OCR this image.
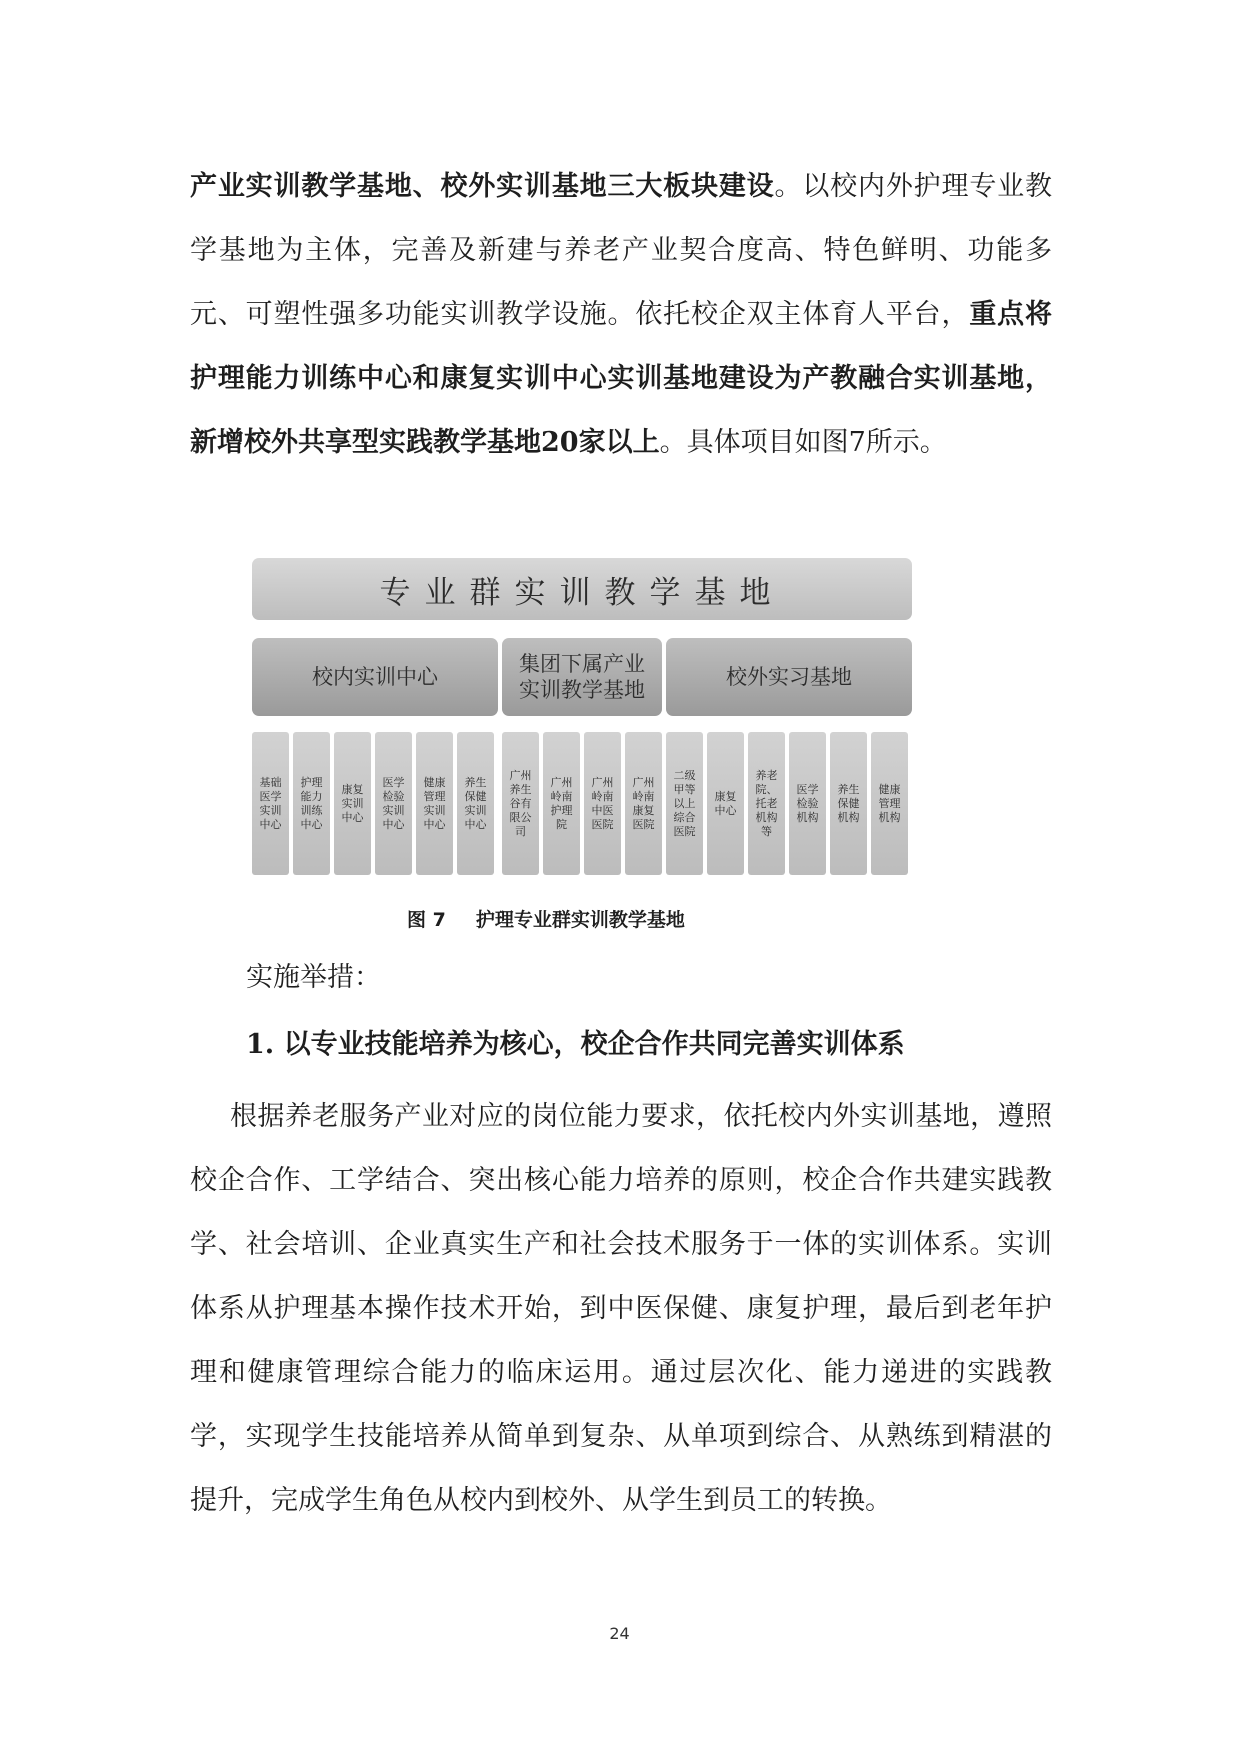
产业实训教学基地、校外实训基地三大板块建设。以校内外护理专业教学基地为主体，完善及新建与养老产业契合度高、特色鲜明、功能多元、可塑性强多功能实训教学设施。依托校企双主体育人平台，重点将护理能力训练中心和康复实训中心实训基地建设为产教融合实训基地，新增校外共享型实践教学基地20家以上。具体项目如图7所示。

专业群实训教学基地
校内实训中心
集团下属产业实训教学基地
校外实习基地
基础
医学
实训
中心
护理
能力
训练
中心
康复
实训
中心
医学
检验
实训
中心
健康
管理
实训
中心
养生
保健
实训
中心
广州
养生
谷有
限公
司
广州
岭南
护理
院
广州
岭南
中医
医院
广州
岭南
康复
医院
二级
甲等
以上
综合
医院
康复
中心
养老
院、
托老
机构
等
医学
检验
机构
养生
保健
机构
健康
管理
机构
图 7 护理专业群实训教学基地

实施举措：

1. 以专业技能培养为核心，校企合作共同完善实训体系

根据养老服务产业对应的岗位能力要求，依托校内外实训基地，遵照校企合作、工学结合、突出核心能力培养的原则，校企合作共建实践教学、社会培训、企业真实生产和社会技术服务于一体的实训体系。实训体系从护理基本操作技术开始，到中医保健、康复护理，最后到老年护理和健康管理综合能力的临床运用。通过层次化、能力递进的实践教学，实现学生技能培养从简单到复杂、从单项到综合、从熟练到精湛的提升，完成学生角色从校内到校外、从学生到员工的转换。

24
